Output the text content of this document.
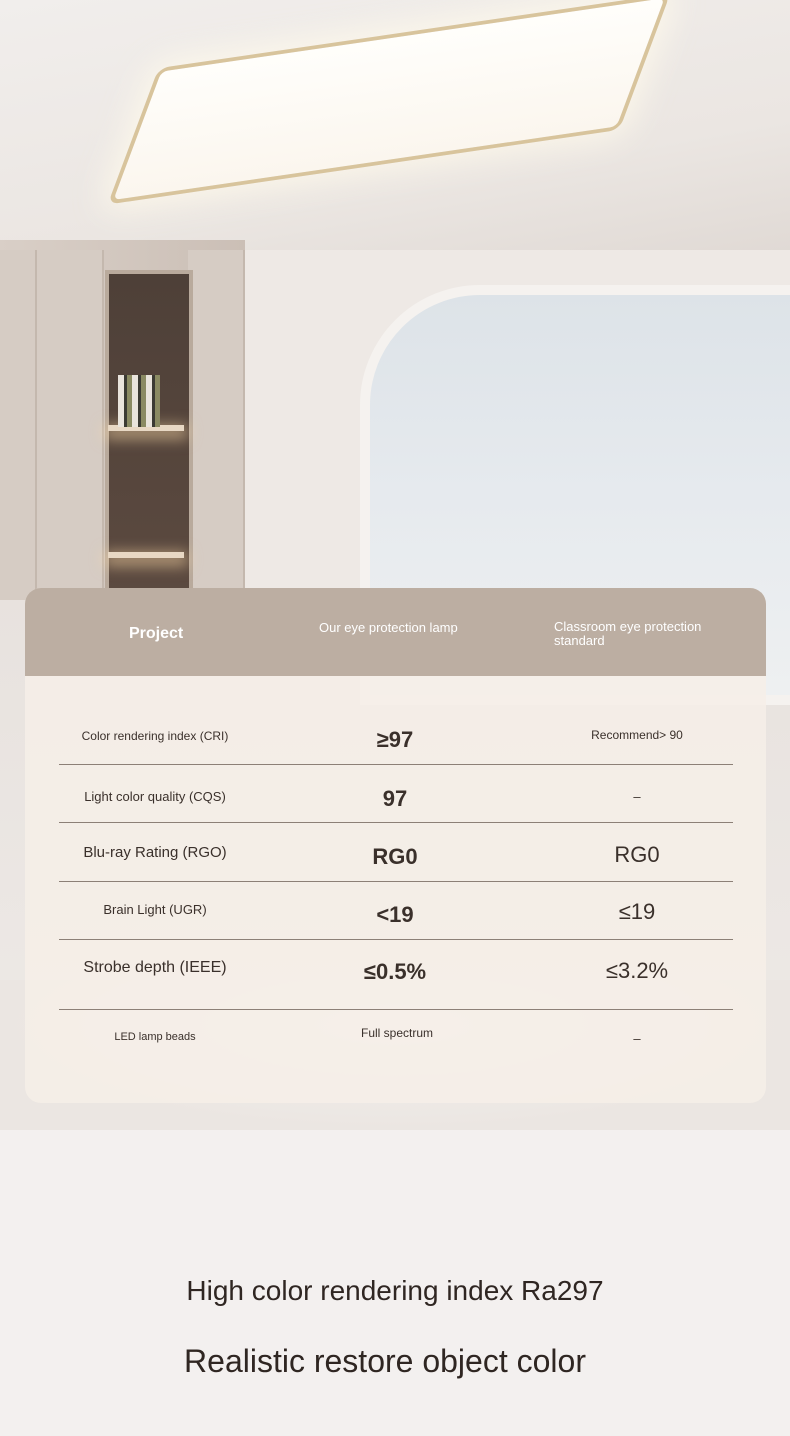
Project	Our eye protection lamp	Classroom eye protection standard
Color rendering index (CRI)	≥97	Recommend> 90
Light color quality (CQS)	97	–
Blu-ray Rating (RGO)	RG0	RG0
Brain Light (UGR)	<19	≤19
Strobe depth (IEEE)	≤0.5%	≤3.2%
LED lamp beads	Full spectrum	–
High color rendering index Ra297
Realistic restore object color
